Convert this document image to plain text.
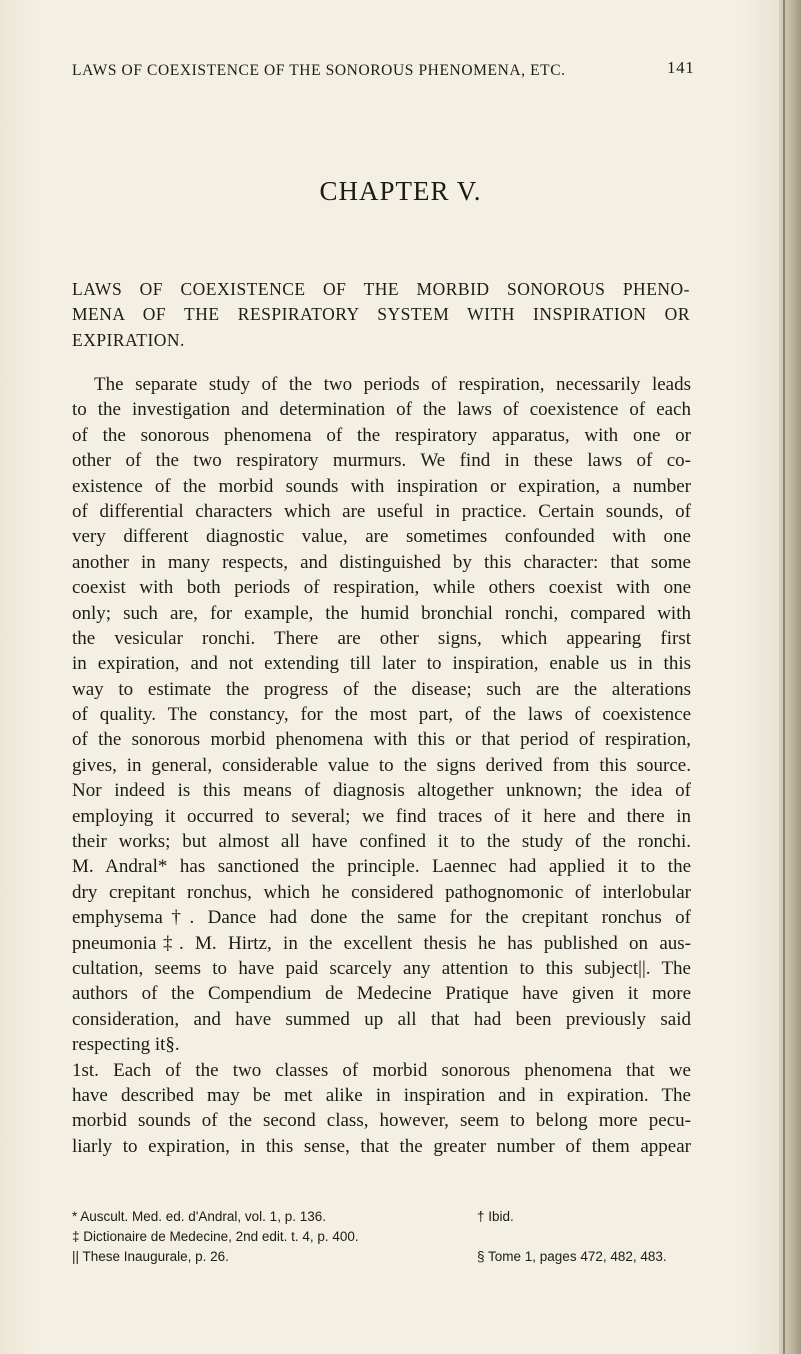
LAWS OF COEXISTENCE OF THE SONOROUS PHENOMENA, ETC.	141
CHAPTER V.
LAWS OF COEXISTENCE OF THE MORBID SONOROUS PHENO-
MENA OF THE RESPIRATORY SYSTEM WITH INSPIRATION OR
EXPIRATION.
The separate study of the two periods of respiration, necessarily leads
to the investigation and determination of the laws of coexistence of each
of the sonorous phenomena of the respiratory apparatus, with one or
other of the two respiratory murmurs. We find in these laws of co-
existence of the morbid sounds with inspiration or expiration, a number
of differential characters which are useful in practice. Certain sounds, of
very different diagnostic value, are sometimes confounded with one
another in many respects, and distinguished by this character: that some
coexist with both periods of respiration, while others coexist with one
only; such are, for example, the humid bronchial ronchi, compared with
the vesicular ronchi. There are other signs, which appearing first
in expiration, and not extending till later to inspiration, enable us in this
way to estimate the progress of the disease; such are the alterations
of quality. The constancy, for the most part, of the laws of coexistence
of the sonorous morbid phenomena with this or that period of respiration,
gives, in general, considerable value to the signs derived from this source.
Nor indeed is this means of diagnosis altogether unknown; the idea of
employing it occurred to several; we find traces of it here and there in
their works; but almost all have confined it to the study of the ronchi.
M. Andral* has sanctioned the principle. Laennec had applied it to the
dry crepitant ronchus, which he considered pathognomonic of interlobular
emphysema†. Dance had done the same for the crepitant ronchus of
pneumonia‡. M. Hirtz, in the excellent thesis he has published on aus-
cultation, seems to have paid scarcely any attention to this subject||. The
authors of the Compendium de Medecine Pratique have given it more
consideration, and have summed up all that had been previously said
respecting it§.
1st. Each of the two classes of morbid sonorous phenomena that we
have described may be met alike in inspiration and in expiration. The
morbid sounds of the second class, however, seem to belong more pecu-
liarly to expiration, in this sense, that the greater number of them appear
* Auscult. Med. ed. d'Andral, vol. 1, p. 136.	† Ibid.
‡ Dictionaire de Medecine, 2nd edit. t. 4, p. 400.
|| These Inaugurale, p. 26.	§ Tome 1, pages 472, 482, 483.
